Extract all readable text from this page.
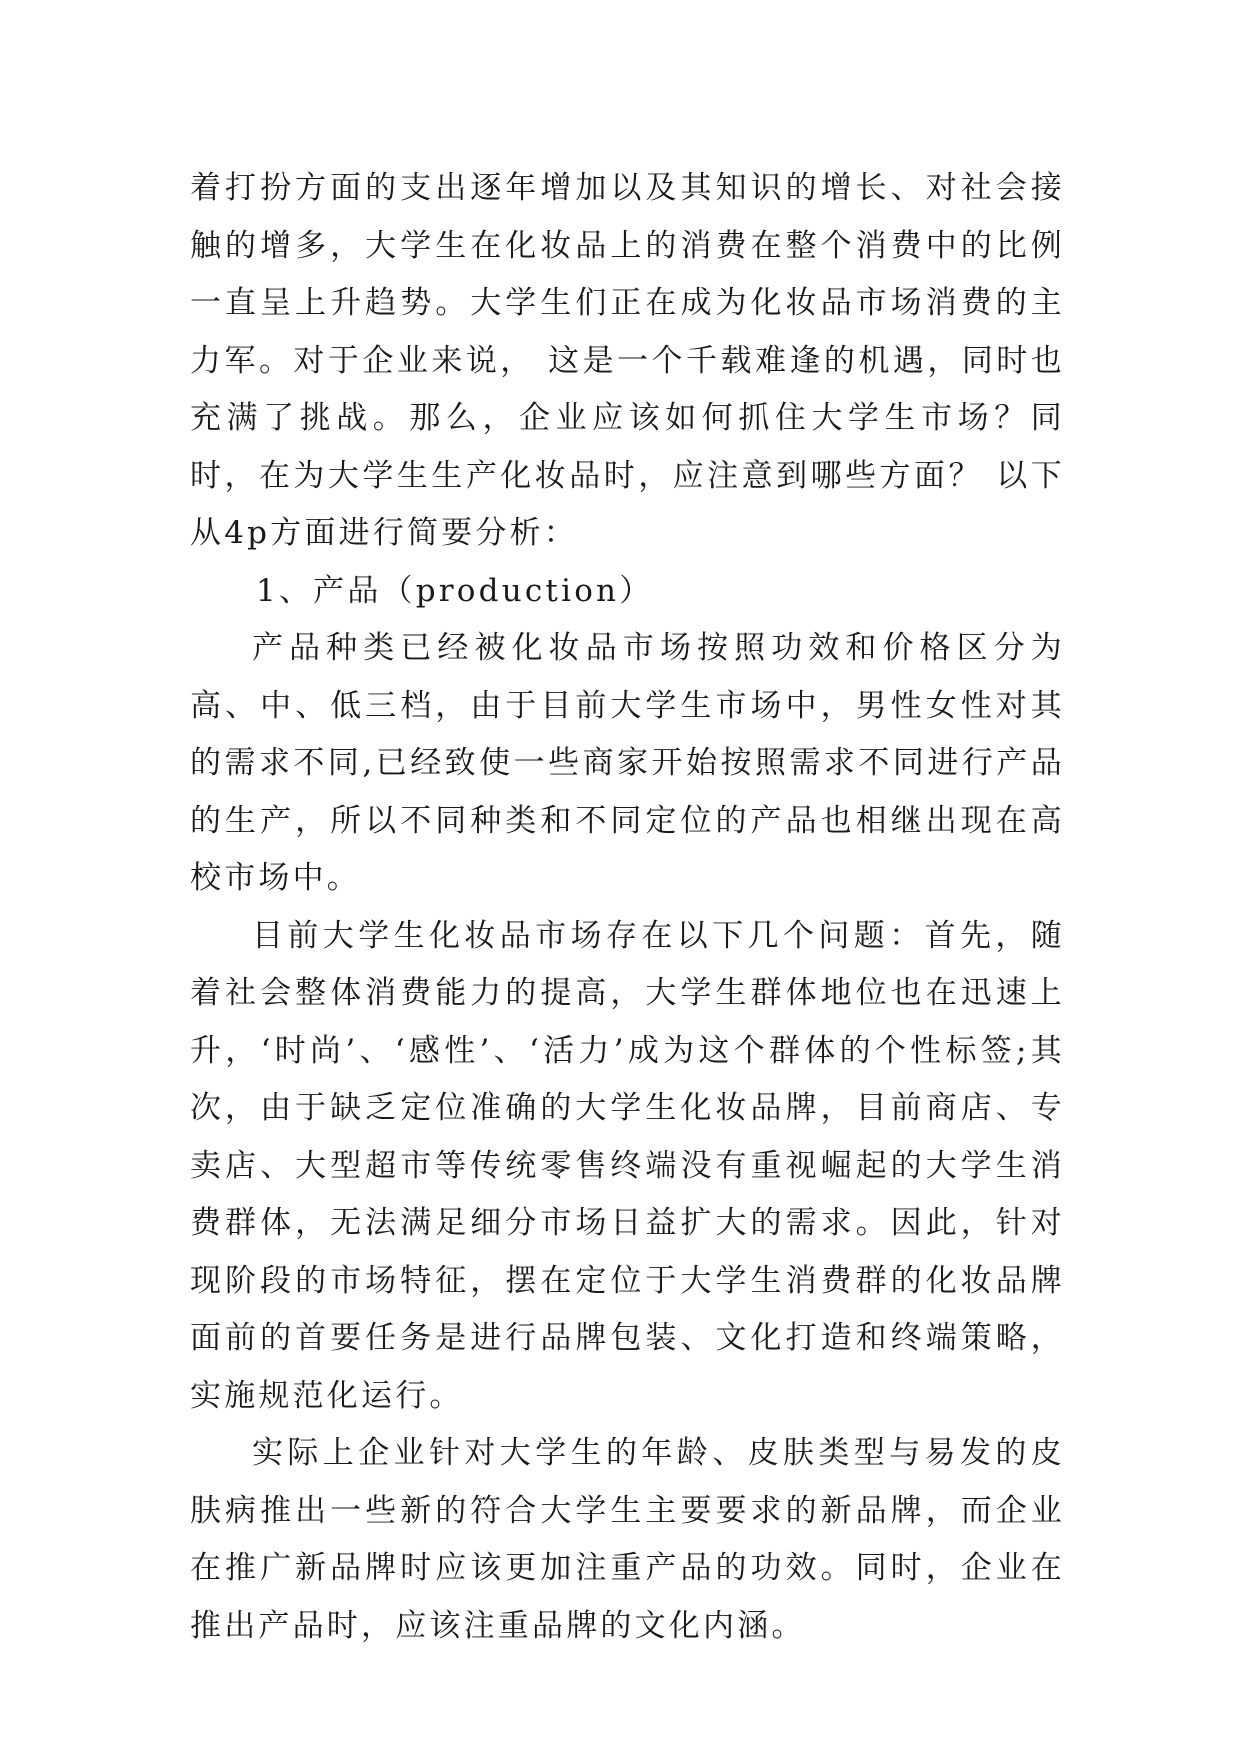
着打扮方面的支出逐年增加以及其知识的增长、对社会接触的增多，大学生在化妆品上的消费在整个消费中的比例一直呈上升趋势。大学生们正在成为化妆品市场消费的主力军。对于企业来说， 这是一个千载难逢的机遇，同时也充满了挑战。那么，企业应该如何抓住大学生市场？同时，在为大学生生产化妆品时，应注意到哪些方面？ 以下从4p方面进行简要分析：

1、产品（production）

产品种类已经被化妆品市场按照功效和价格区分为高、中、低三档，由于目前大学生市场中，男性女性对其的需求不同,已经致使一些商家开始按照需求不同进行产品的生产，所以不同种类和不同定位的产品也相继出现在高校市场中。

目前大学生化妆品市场存在以下几个问题：首先，随着社会整体消费能力的提高，大学生群体地位也在迅速上升，‘时尚’、‘感性’、‘活力’成为这个群体的个性标签;其次，由于缺乏定位准确的大学生化妆品牌，目前商店、专卖店、大型超市等传统零售终端没有重视崛起的大学生消费群体，无法满足细分市场日益扩大的需求。因此，针对现阶段的市场特征，摆在定位于大学生消费群的化妆品牌面前的首要任务是进行品牌包装、文化打造和终端策略，实施规范化运行。

实际上企业针对大学生的年龄、皮肤类型与易发的皮肤病推出一些新的符合大学生主要要求的新品牌，而企业在推广新品牌时应该更加注重产品的功效。同时，企业在推出产品时，应该注重品牌的文化内涵。
